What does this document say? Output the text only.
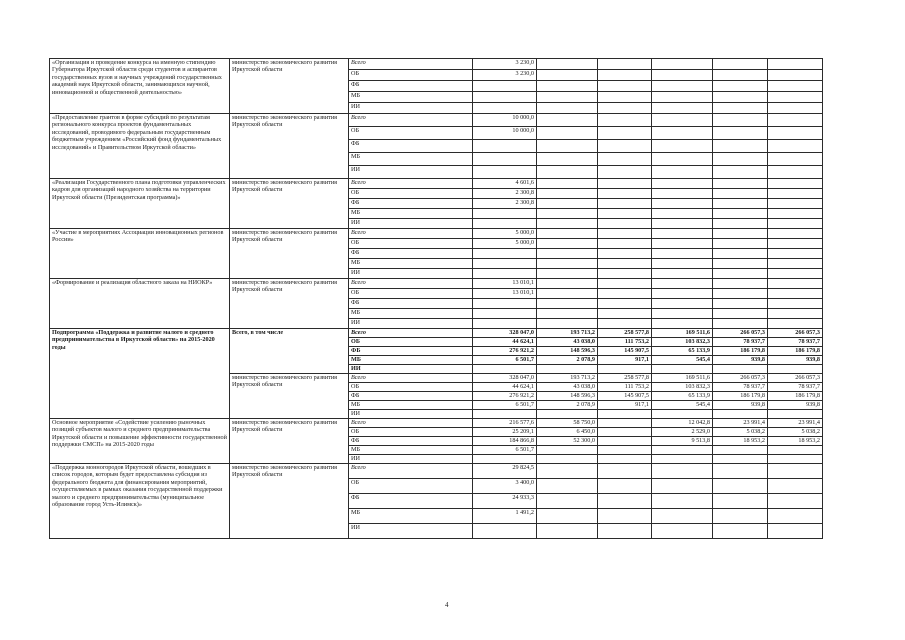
«Организация и проведение конкурса на именную стипендию Губернатора Иркутской области среди студентов и аспирантов государственных вузов и научных учреждений государственных академий наук Иркутской области, занимающихся научной, инновационной и общественной деятельностью»	министерство экономического развития Иркутской области	Всего	3 230,0					
		ОБ	3 230,0					
		ФБ						
		МБ						
		ИИ						
«Предоставление грантов в форме субсидий по результатам регионального конкурса проектов фундаментальных исследований, проводимого федеральным государственным бюджетным учреждением «Российский фонд фундаментальных исследований» и Правительством Иркутской области»	министерство экономического развития Иркутской области	Всего	10 000,0					
		ОБ	10 000,0					
		ФБ						
		МБ						
		ИИ						
«Реализация Государственного плана подготовки управленческих кадров для организаций народного хозяйства на территории Иркутской области (Президентская программа)»	министерство экономического развития Иркутской области	Всего	4 601,6					
		ОБ	2 300,8					
		ФБ	2 300,8					
		МБ						
		ИИ						
«Участие в мероприятиях Ассоциации инновационных регионов России»	министерство экономического развития Иркутской области	Всего	5 000,0					
		ОБ	5 000,0					
		ФБ						
		МБ						
		ИИ						
«Формирование и реализация областного заказа на НИОКР»	министерство экономического развития Иркутской области	Всего	13 010,1					
		ОБ	13 010,1					
		ФБ						
		МБ						
		ИИ						
Подпрограмма «Поддержка и развитие малого и среднего предпринимательства в Иркутской области» на 2015-2020 годы	Всего, в том числе	Всего	328 047,0	193 713,2	258 577,8	169 511,6	266 057,3	266 057,3
		ОБ	44 624,1	43 038,0	111 753,2	103 832,3	78 937,7	78 937,7
		ФБ	276 921,2	148 596,3	145 907,5	65 133,9	186 179,8	186 179,8
		МБ	6 501,7	2 078,9	917,1	545,4	939,8	939,8
		ИИ						
	министерство экономического развития Иркутской области	Всего	328 047,0	193 713,2	258 577,8	169 511,6	266 057,3	266 057,3
		ОБ	44 624,1	43 038,0	111 753,2	103 832,3	78 937,7	78 937,7
		ФБ	276 921,2	148 596,3	145 907,5	65 133,9	186 179,8	186 179,8
		МБ	6 501,7	2 078,9	917,1	545,4	939,8	939,8
		ИИ						
Основное мероприятие «Содействие усилению рыночных позиций субъектов малого и среднего предпринимательства Иркутской области и повышение эффективности государственной поддержки СМСП» на 2015-2020 годы	министерство экономического развития Иркутской области	Всего	216 577,6	58 750,0		12 042,8	23 991,4	23 991,4
		ОБ	25 209,1	6 450,0		2 529,0	5 038,2	5 038,2
		ФБ	184 866,8	52 300,0		9 513,8	18 953,2	18 953,2
		МБ	6 501,7					
		ИИ						
«Поддержка монногородов Иркутской области, вошедших в список городов, которым будет предоставлена субсидия из федерального бюджета для финансирования мероприятий, осуществляемых в рамках оказания государственной поддержки малого и среднего предпринимательства (муниципальное образование город Усть-Илимск)»	министерство экономического развития Иркутской области	Всего	29 824,5					
		ОБ	3 400,0					
		ФБ	24 933,3					
		МБ	1 491,2					
		ИИ						
4
